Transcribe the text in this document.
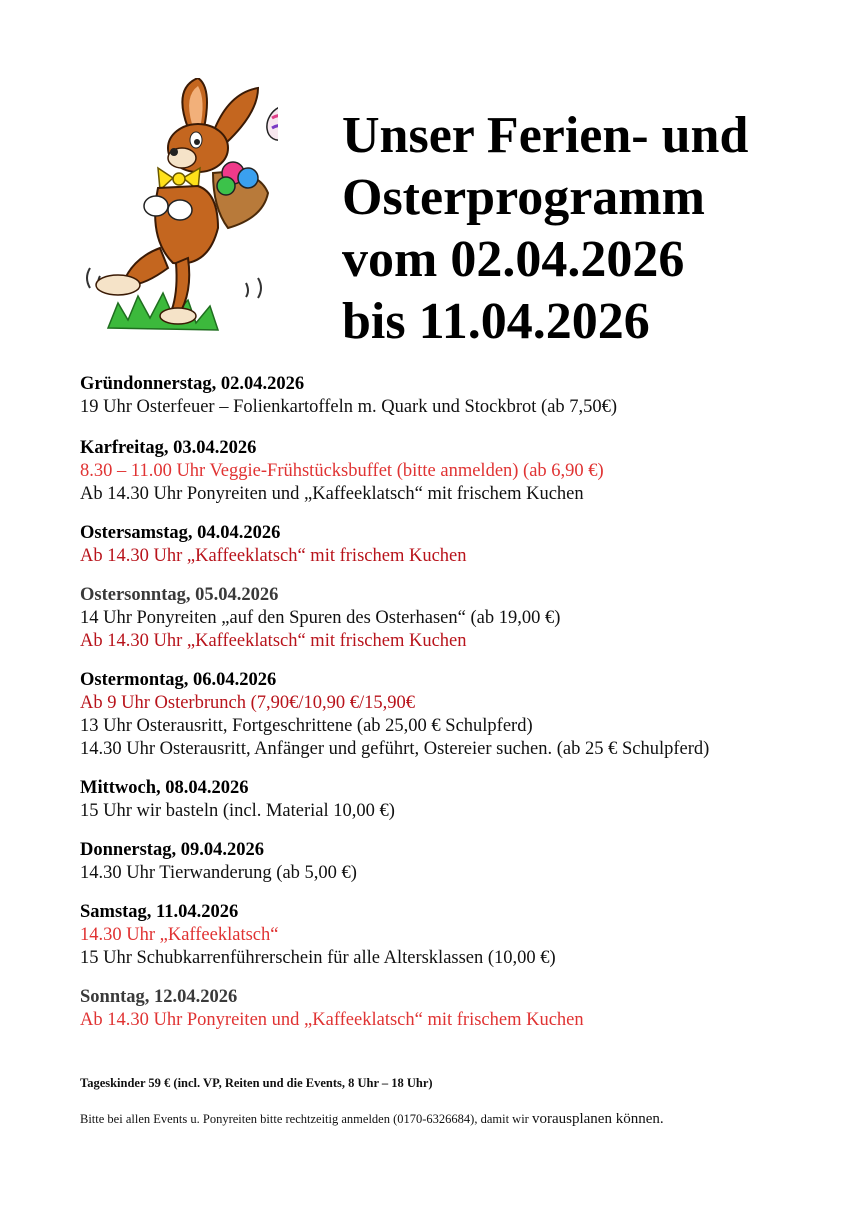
Unser Ferien- und
Osterprogramm
vom 02.04.2026
bis 11.04.2026
Gründonnerstag, 02.04.2026
19 Uhr Osterfeuer – Folienkartoffeln m. Quark und Stockbrot (ab 7,50€)
Karfreitag, 03.04.2026
8.30 – 11.00 Uhr Veggie-Frühstücksbuffet (bitte anmelden) (ab 6,90 €)
Ab 14.30 Uhr Ponyreiten und „Kaffeeklatsch“ mit frischem Kuchen
Ostersamstag, 04.04.2026
Ab 14.30 Uhr „Kaffeeklatsch“ mit frischem Kuchen
Ostersonntag, 05.04.2026
14 Uhr Ponyreiten „auf den Spuren des Osterhasen“ (ab 19,00 €)
Ab 14.30 Uhr „Kaffeeklatsch“ mit frischem Kuchen
Ostermontag, 06.04.2026
Ab 9 Uhr Osterbrunch (7,90€/10,90 €/15,90€
13 Uhr Osterausritt, Fortgeschrittene (ab 25,00 € Schulpferd)
14.30 Uhr Osterausritt, Anfänger und geführt, Ostereier suchen. (ab 25 € Schulpferd)
Mittwoch, 08.04.2026
15 Uhr wir basteln (incl. Material 10,00 €)
Donnerstag, 09.04.2026
14.30 Uhr Tierwanderung (ab 5,00 €)
Samstag, 11.04.2026
14.30 Uhr „Kaffeeklatsch“
15 Uhr Schubkarrenführerschein für alle Altersklassen (10,00 €)
Sonntag, 12.04.2026
Ab 14.30 Uhr Ponyreiten und „Kaffeeklatsch“ mit frischem Kuchen
Tageskinder 59 € (incl. VP, Reiten und die Events, 8 Uhr – 18 Uhr)
Bitte bei allen Events u. Ponyreiten bitte rechtzeitig anmelden (0170-6326684), damit wir vorausplanen können.
